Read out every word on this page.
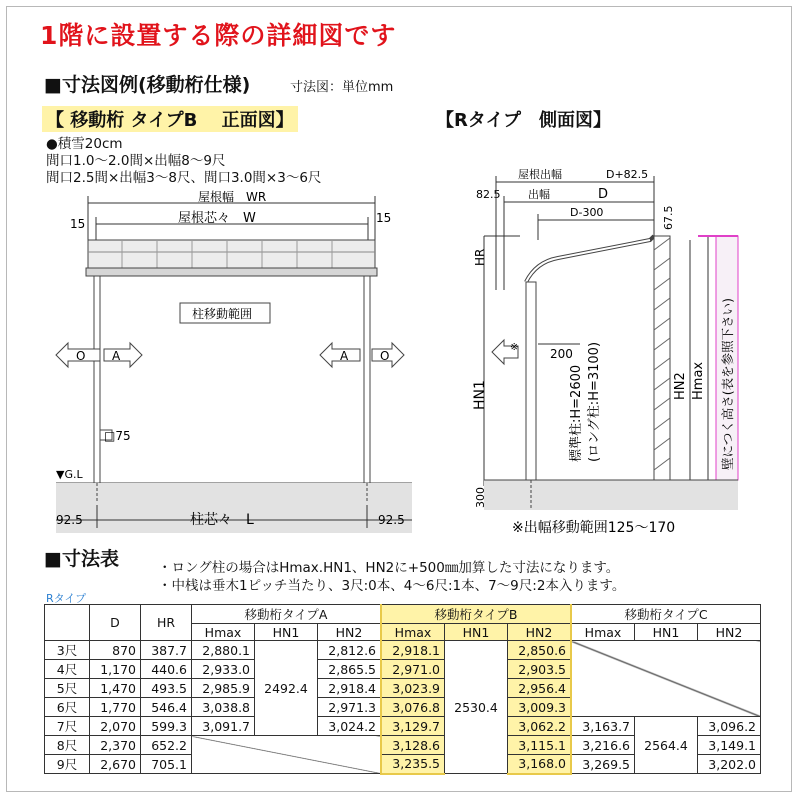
1階に設置する際の詳細図です
■寸法図例(移動桁仕様)	寸法図：単位mm
【 移動桁 タイプB　 正面図】	【Rタイプ　側面図】
●積雪20cm
間口1.0～2.0間×出幅8～9尺
間口2.5間×出幅3～8尺、間口3.0間×3～6尺
15	15
屋根幅　WR
屋根芯々　W
柱移動範囲
O A	A	O
□75
▼G.L
92.5	92.5
柱芯々　L
屋根出幅	D+82.5
82.5	出幅	D
D-300	67.5
HR
HN1
※	200
標準柱:H=2600 (ロング柱:H=3100)	HN2 Hmax 壁につく高さ(表を参照下さい)
300
※出幅移動範囲125～170
■寸法表	・ロング柱の場合はHmax.HN1、HN2に+500㎜加算した寸法になります。
・中桟は垂木1ピッチ当たり、3尺:0本、4～6尺:1本、7～9尺:2本入ります。
Rタイプ
	D	HR	移動桁タイプA			移動桁タイプB			移動桁タイプC		
			Hmax	HN1	HN2	Hmax	HN1	HN2	Hmax	HN1	HN2
3尺	870	387.7	2,880.1	2492.4	2,812.6	2,918.1	2530.4	2,850.6			
4尺	1,170	440.6	2,933.0		2,865.5	2,971.0		2,903.5			
5尺	1,470	493.5	2,985.9		2,918.4	3,023.9		2,956.4			
6尺	1,770	546.4	3,038.8		2,971.3	3,076.8		3,009.3			
7尺	2,070	599.3	3,091.7		3,024.2	3,129.7		3,062.2	3,163.7	2564.4	3,096.2
8尺	2,370	652.2				3,128.6		3,115.1	3,216.6		3,149.1
9尺	2,670	705.1				3,235.5		3,168.0	3,269.5		3,202.0
